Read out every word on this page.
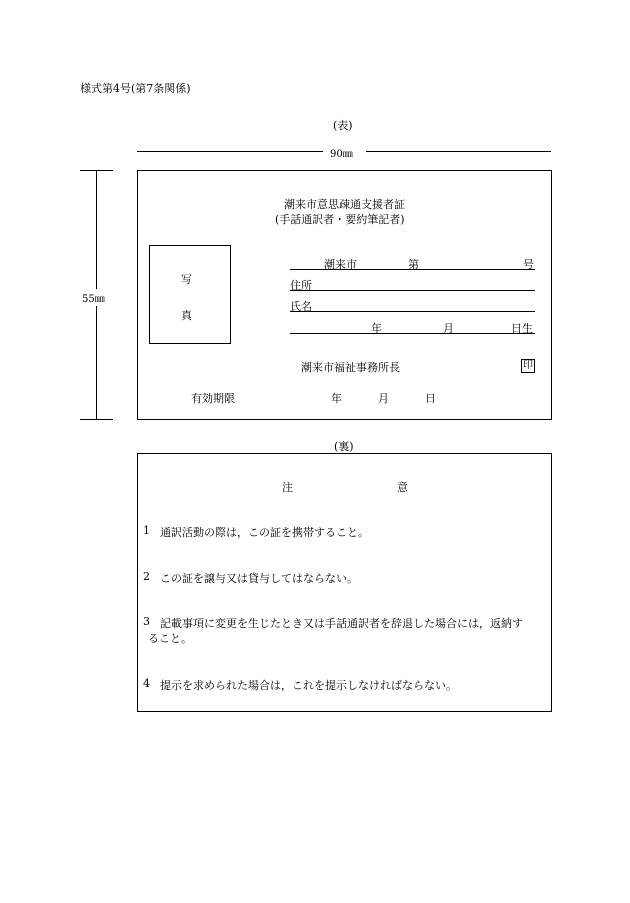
様式第4号(第7条関係)
(表)
90㎜
55㎜
潮来市意思疎通支援者証
(手話通訳者・要約筆記者)
写
真
潮来市	第	号
住所
氏名
年	月	日生
潮来市福祉事務所長	印
有効期限	年	月	日
(裏)
注	意
1 通訳活動の際は，この証を携帯すること。
2 この証を譲与又は貸与してはならない。
3 記載事項に変更を生じたとき又は手話通訳者を辞退した場合には，返納す
ること。
4 提示を求められた場合は，これを提示しなければならない。
